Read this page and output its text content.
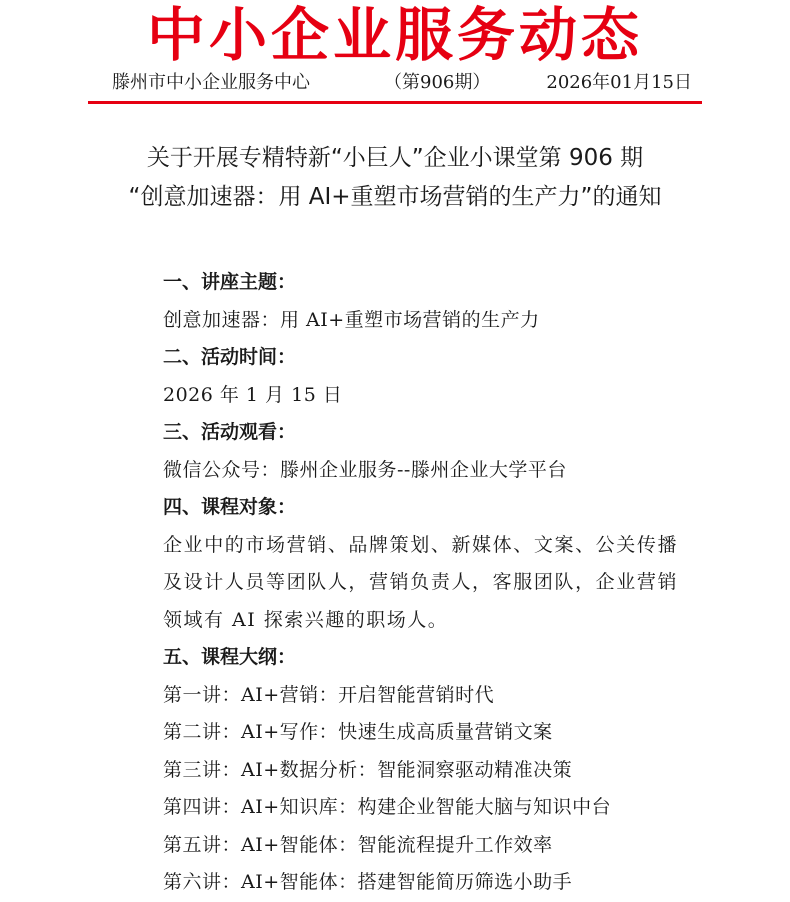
中小企业服务动态
滕州市中小企业服务中心	（第906期）	2026年01月15日
关于开展专精特新“小巨人”企业小课堂第 906 期
“创意加速器：用 AI+重塑市场营销的生产力”的通知
一、讲座主题：
创意加速器：用 AI+重塑市场营销的生产力
二、活动时间：
2026 年 1 月 15 日
三、活动观看：
微信公众号：滕州企业服务--滕州企业大学平台
四、课程对象：
企业中的市场营销、品牌策划、新媒体、文案、公关传播及设计人员等团队人，营销负责人，客服团队，企业营销领域有 AI 探索兴趣的职场人。
五、课程大纲：
第一讲：AI+营销：开启智能营销时代
第二讲：AI+写作：快速生成高质量营销文案
第三讲：AI+数据分析：智能洞察驱动精准决策
第四讲：AI+知识库：构建企业智能大脑与知识中台
第五讲：AI+智能体：智能流程提升工作效率
第六讲：AI+智能体：搭建智能简历筛选小助手
